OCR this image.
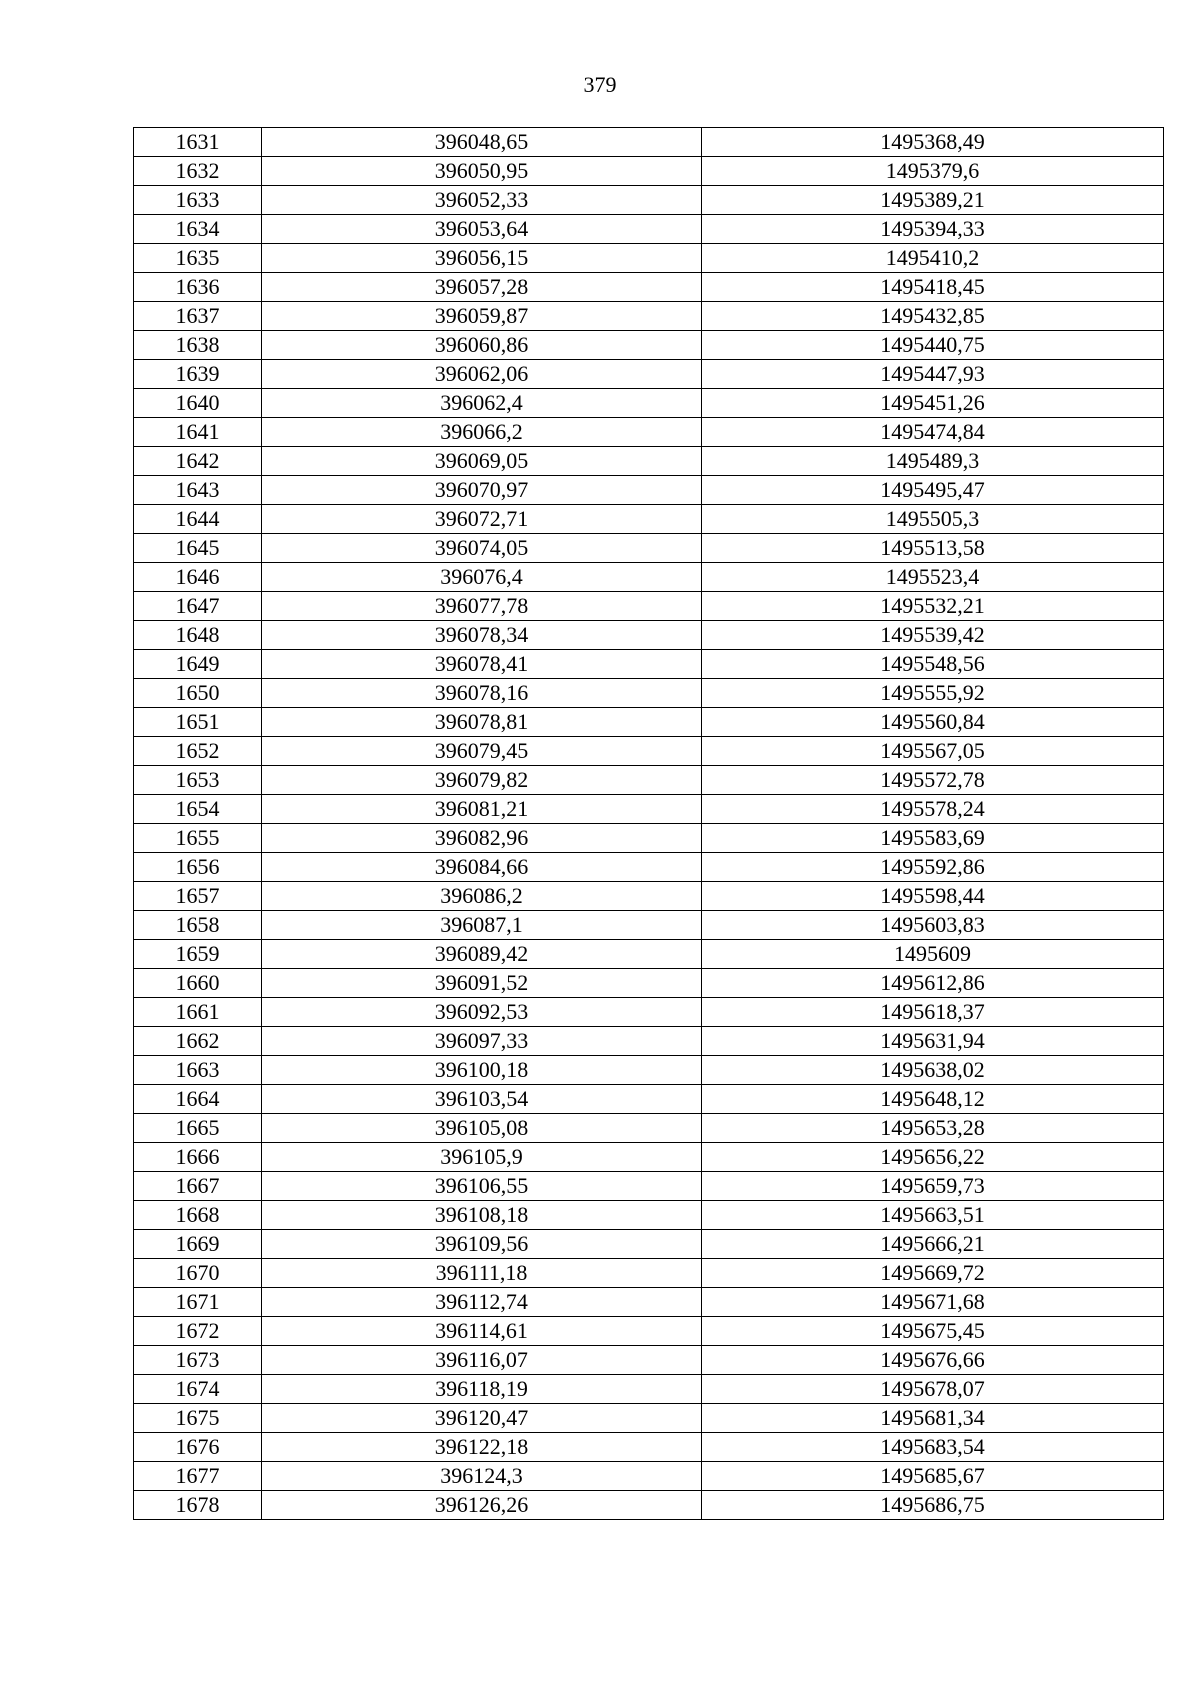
379
1631	396048,65	1495368,49
1632	396050,95	1495379,6
1633	396052,33	1495389,21
1634	396053,64	1495394,33
1635	396056,15	1495410,2
1636	396057,28	1495418,45
1637	396059,87	1495432,85
1638	396060,86	1495440,75
1639	396062,06	1495447,93
1640	396062,4	1495451,26
1641	396066,2	1495474,84
1642	396069,05	1495489,3
1643	396070,97	1495495,47
1644	396072,71	1495505,3
1645	396074,05	1495513,58
1646	396076,4	1495523,4
1647	396077,78	1495532,21
1648	396078,34	1495539,42
1649	396078,41	1495548,56
1650	396078,16	1495555,92
1651	396078,81	1495560,84
1652	396079,45	1495567,05
1653	396079,82	1495572,78
1654	396081,21	1495578,24
1655	396082,96	1495583,69
1656	396084,66	1495592,86
1657	396086,2	1495598,44
1658	396087,1	1495603,83
1659	396089,42	1495609
1660	396091,52	1495612,86
1661	396092,53	1495618,37
1662	396097,33	1495631,94
1663	396100,18	1495638,02
1664	396103,54	1495648,12
1665	396105,08	1495653,28
1666	396105,9	1495656,22
1667	396106,55	1495659,73
1668	396108,18	1495663,51
1669	396109,56	1495666,21
1670	396111,18	1495669,72
1671	396112,74	1495671,68
1672	396114,61	1495675,45
1673	396116,07	1495676,66
1674	396118,19	1495678,07
1675	396120,47	1495681,34
1676	396122,18	1495683,54
1677	396124,3	1495685,67
1678	396126,26	1495686,75
